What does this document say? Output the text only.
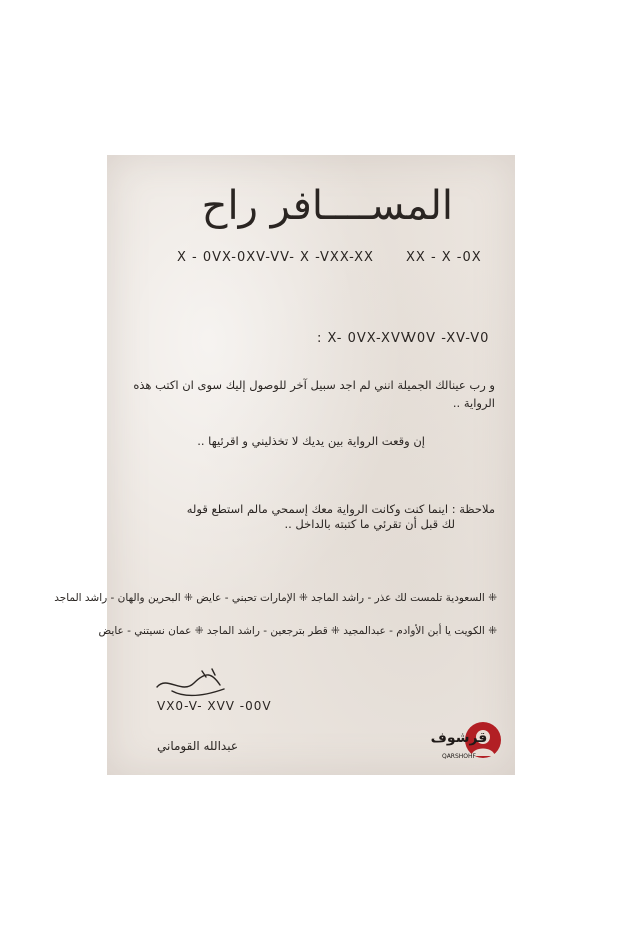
المســــافر راح
X - 0VX-0XV-VV- X -VXX-XX XX - X -0X
: X- 0VX-XVV
V0V -XV-V0
و رب عينالك الجميلة انني لم اجد سبيل آخر للوصول إليك سوى ان اكتب هذه
الرواية ..
إن وقعت الرواية بين يديك لا تخذليني و اقرئيها ..
ملاحظة : اينما كنت وكانت الرواية معك إسمحي مالم استطع قوله
لك قبل أن تقرئي ما كتبته بالداخل ..
⁜ السعودية تلمست لك عذر - راشد الماجد ⁜ الإمارات تحبني - عايض ⁜ البحرين والهان - راشد الماجد
⁜ الكويت يا أبن الأوادم - عبدالمجيد ⁜ قطر بترجعين - راشد الماجد ⁜ عمان نسيتني - عايض
VX0-V- XVV -00V
عبدالله القوماني	قرشوف
QARSHOHF
